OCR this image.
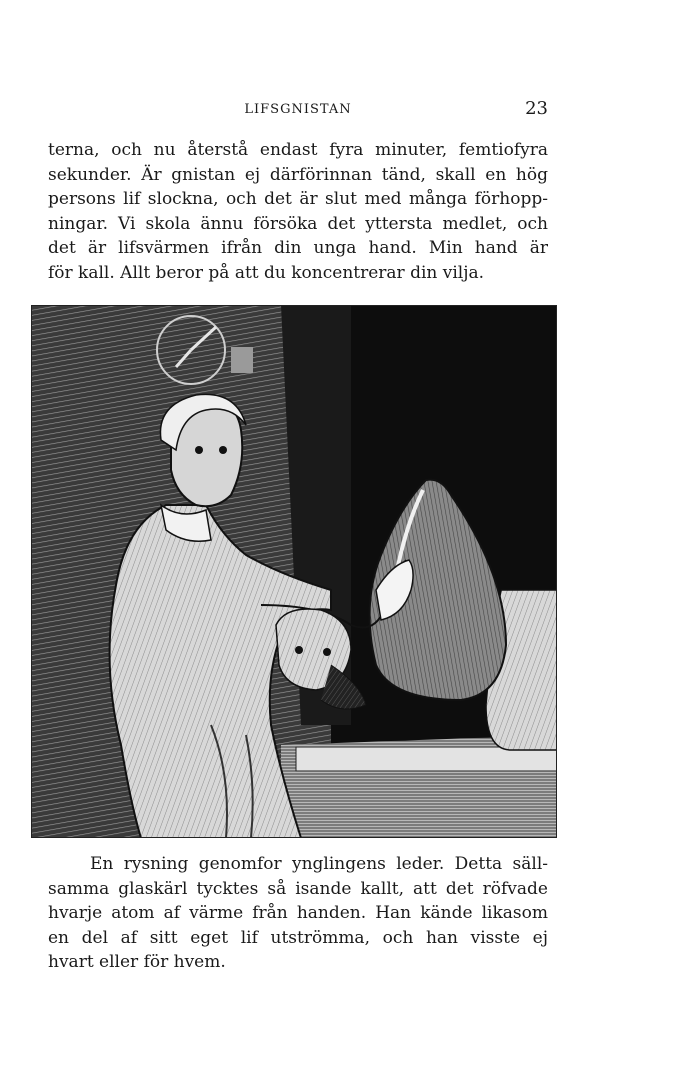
LIFSGNISTAN	23

terna, och nu återstå endast fyra minuter, femtiofyra
sekunder. Är gnistan ej därförinnan tänd, skall en hög
persons lif slockna, och det är slut med många förhopp-
ningar. Vi skola ännu försöka det yttersta medlet, och
det är lifsvärmen ifrån din unga hand. Min hand är
för kall. Allt beror på att du koncentrerar din vilja.

En rysning genomfor ynglingens leder. Detta säll-
samma glaskärl tycktes så isande kallt, att det röfvade
hvarje atom af värme från handen. Han kände likasom
en del af sitt eget lif utströmma, och han visste ej
hvart eller för hvem.
